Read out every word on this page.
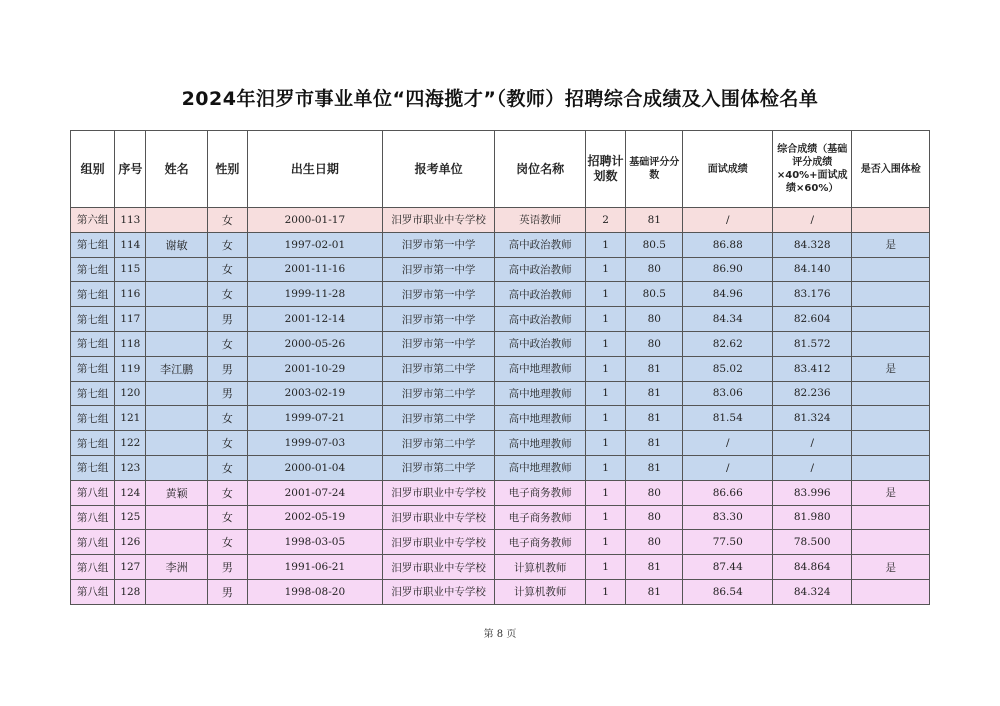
2024年汨罗市事业单位“四海揽才”（教师）招聘综合成绩及入围体检名单
组别	序号	姓名	性别	出生日期	报考单位	岗位名称	招聘计划数	基础评分分数	面试成绩	综合成绩（基础评分成绩×40%+面试成绩×60%）	是否入围体检
第六组	113		女	2000-01-17	汨罗市职业中专学校	英语教师	2	81	/	/	
第七组	114	谢敏	女	1997-02-01	汨罗市第一中学	高中政治教师	1	80.5	86.88	84.328	是
第七组	115		女	2001-11-16	汨罗市第一中学	高中政治教师	1	80	86.90	84.140	
第七组	116		女	1999-11-28	汨罗市第一中学	高中政治教师	1	80.5	84.96	83.176	
第七组	117		男	2001-12-14	汨罗市第一中学	高中政治教师	1	80	84.34	82.604	
第七组	118		女	2000-05-26	汨罗市第一中学	高中政治教师	1	80	82.62	81.572	
第七组	119	李江鹏	男	2001-10-29	汨罗市第二中学	高中地理教师	1	81	85.02	83.412	是
第七组	120		男	2003-02-19	汨罗市第二中学	高中地理教师	1	81	83.06	82.236	
第七组	121		女	1999-07-21	汨罗市第二中学	高中地理教师	1	81	81.54	81.324	
第七组	122		女	1999-07-03	汨罗市第二中学	高中地理教师	1	81	/	/	
第七组	123		女	2000-01-04	汨罗市第二中学	高中地理教师	1	81	/	/	
第八组	124	黄颖	女	2001-07-24	汨罗市职业中专学校	电子商务教师	1	80	86.66	83.996	是
第八组	125		女	2002-05-19	汨罗市职业中专学校	电子商务教师	1	80	83.30	81.980	
第八组	126		女	1998-03-05	汨罗市职业中专学校	电子商务教师	1	80	77.50	78.500	
第八组	127	李洲	男	1991-06-21	汨罗市职业中专学校	计算机教师	1	81	87.44	84.864	是
第八组	128		男	1998-08-20	汨罗市职业中专学校	计算机教师	1	81	86.54	84.324	
第 8 页
